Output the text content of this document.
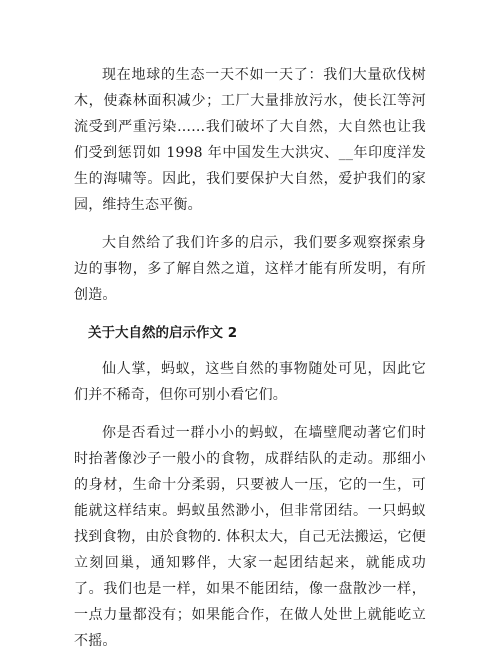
现在地球的生态一天不如一天了：我们大量砍伐树木，使森林面积减少；工厂大量排放污水，使长江等河流受到严重污染……我们破坏了大自然，大自然也让我们受到惩罚如 1998 年中国发生大洪灾、__年印度洋发生的海啸等。因此，我们要保护大自然，爱护我们的家园，维持生态平衡。

大自然给了我们许多的启示，我们要多观察探索身边的事物，多了解自然之道，这样才能有所发明，有所创造。

关于大自然的启示作文 2

仙人掌，蚂蚁，这些自然的事物随处可见，因此它们并不稀奇，但你可别小看它们。

你是否看过一群小小的蚂蚁，在墙壁爬动著它们时时抬著像沙子一般小的食物，成群结队的走动。那细小的身材，生命十分柔弱，只要被人一压，它的一生，可能就这样结束。蚂蚁虽然渺小，但非常团结。一只蚂蚁找到食物，由於食物的. 体积太大，自己无法搬运，它便立刻回巢，通知夥伴，大家一起团结起来，就能成功了。我们也是一样，如果不能团结，像一盘散沙一样，一点力量都没有；如果能合作，在做人处世上就能屹立不摇。
